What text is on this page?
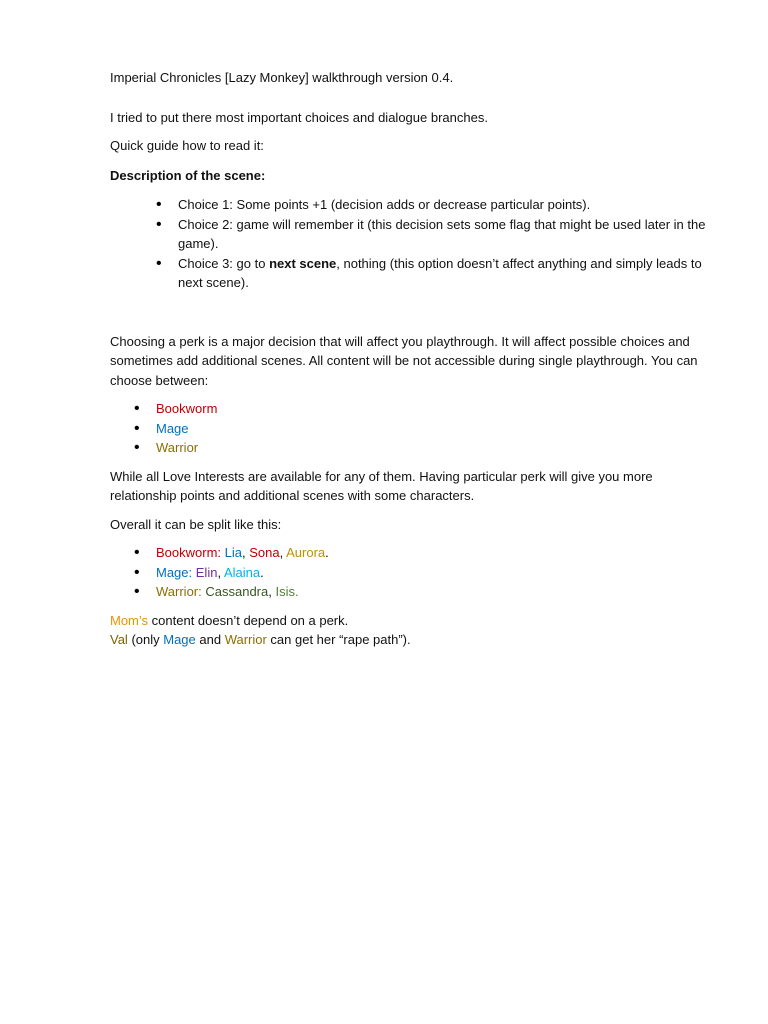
Imperial Chronicles [Lazy Monkey] walkthrough version 0.4.

I tried to put there most important choices and dialogue branches.

Quick guide how to read it:

Description of the scene:

• Choice 1: Some points +1 (decision adds or decrease particular points).
• Choice 2: game will remember it (this decision sets some flag that might be used later in the game).
• Choice 3: go to next scene, nothing (this option doesn’t affect anything and simply leads to next scene).

Choosing a perk is a major decision that will affect you playthrough. It will affect possible choices and sometimes add additional scenes. All content will be not accessible during single playthrough. You can choose between:

• Bookworm
• Mage
• Warrior

While all Love Interests are available for any of them. Having particular perk will give you more relationship points and additional scenes with some characters.

Overall it can be split like this:

• Bookworm: Lia, Sona, Aurora.
• Mage: Elin, Alaina.
• Warrior: Cassandra, Isis.

Mom’s content doesn’t depend on a perk.

Val (only Mage and Warrior can get her “rape path”).
